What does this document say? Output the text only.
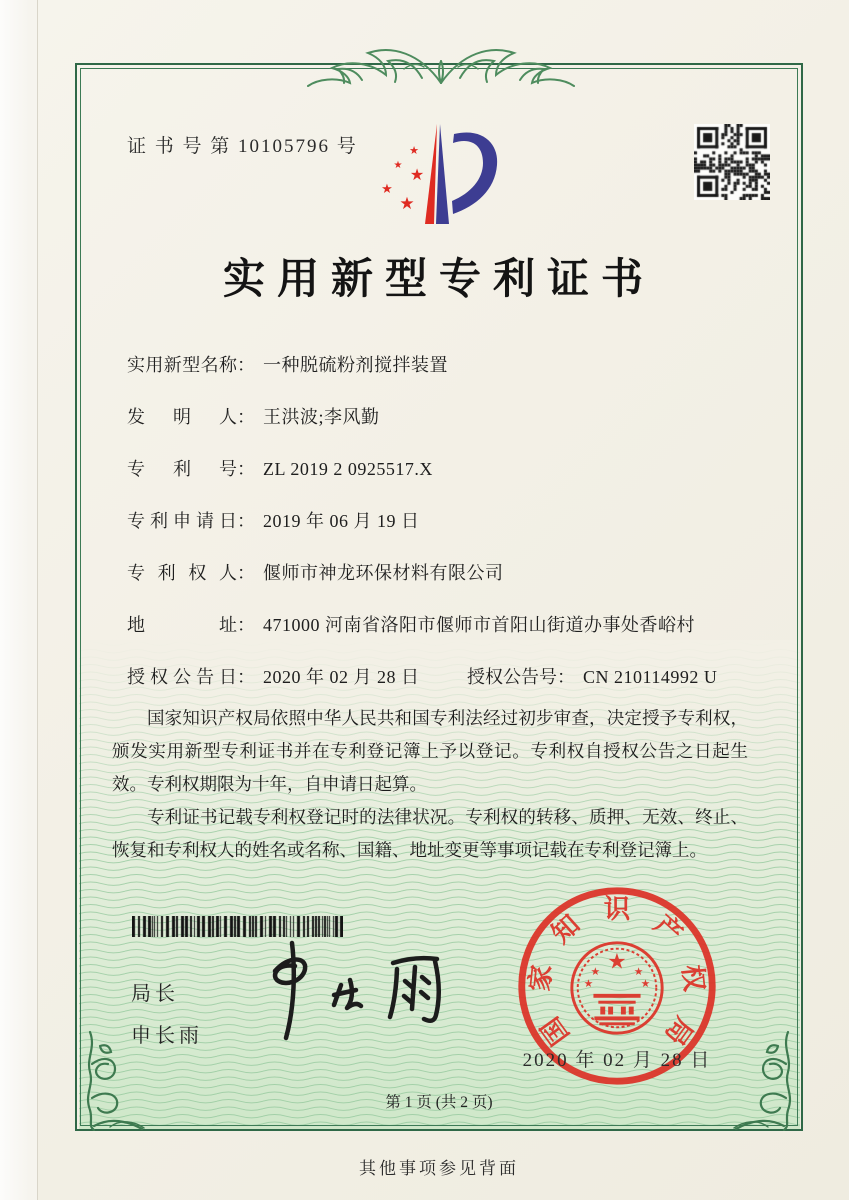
证 书 号 第 10105796 号	★
★ ★
★
★
实用新型专利证书
实用新型名称： 一种脱硫粉剂搅拌装置
发明人： 王洪波;李风勤
专利号： ZL 2019 2 0925517.X
专利申请日： 2019 年 06 月 19 日
专利权人： 偃师市神龙环保材料有限公司
地址： 471000 河南省洛阳市偃师市首阳山街道办事处香峪村
授权公告日： 2020 年 02 月 28 日	授权公告号： CN 210114992 U

国家知识产权局依照中华人民共和国专利法经过初步审查，决定授予专利权，颁发实用新型专利证书并在专利登记簿上予以登记。专利权自授权公告之日起生效。专利权期限为十年，自申请日起算。

专利证书记载专利权登记时的法律状况。专利权的转移、质押、无效、终止、恢复和专利权人的姓名或名称、国籍、地址变更等事项记载在专利登记簿上。

局长
申长雨	国
家
知 识 产
权
局
★
★	★
★	★
2020 年 02 月 28 日
第 1 页 (共 2 页)
其他事项参见背面
